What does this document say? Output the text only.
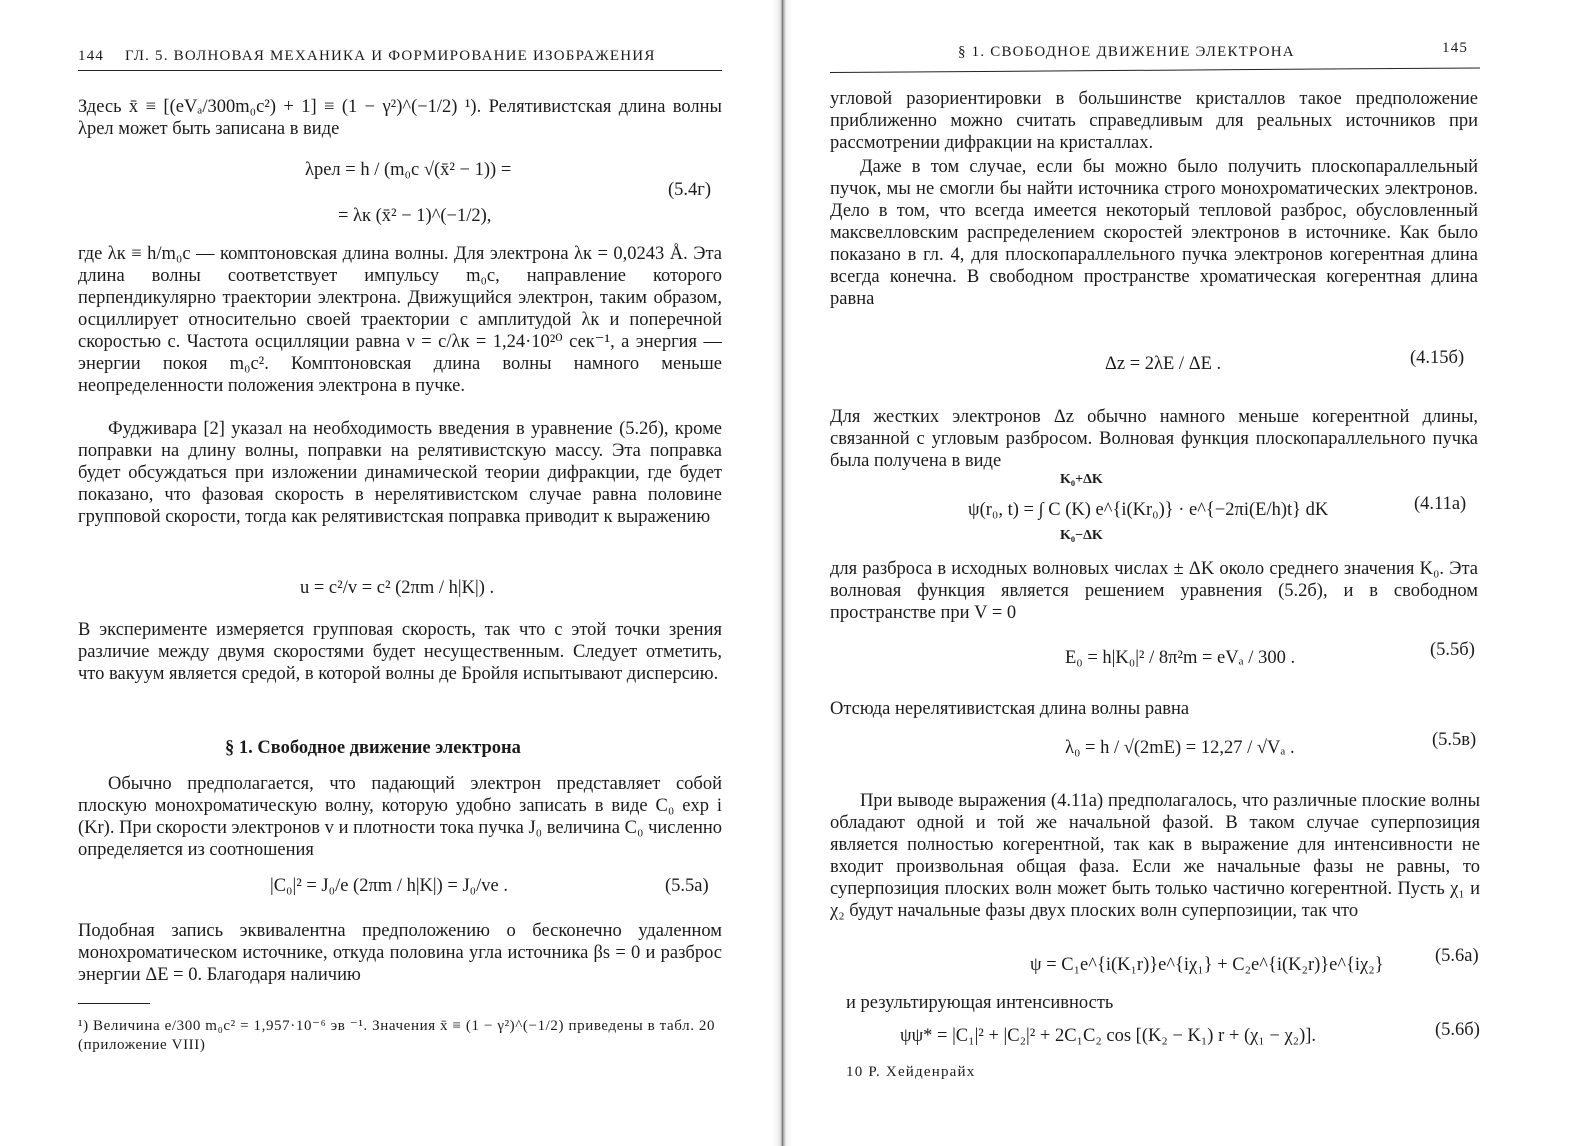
144 ГЛ. 5. ВОЛНОВАЯ МЕХАНИКА И ФОРМИРОВАНИЕ ИЗОБРАЖЕНИЯ

Здесь x̄ ≡ [(eVₐ/300m₀c²) + 1] ≡ (1 − γ²)^(−1/2) ¹). Релятивистская длина волны λрел может быть записана в виде

λрел = h / (m₀c √(x̄² − 1)) =
= λк (x̄² − 1)^(−1/2),
(5.4г)

где λк ≡ h/m₀c — комптоновская длина волны. Для электрона λк = 0,0243 Å. Эта длина волны соответствует импульсу m₀c, направление которого перпендикулярно траектории электрона. Движущийся электрон, таким образом, осциллирует относительно своей траектории с амплитудой λк и поперечной скоростью c. Частота осцилляции равна ν = c/λк = 1,24·10²⁰ сек⁻¹, а энергия — энергии покоя m₀c². Комптоновская длина волны намного меньше неопределенности положения электрона в пучке.

Фудживара [2] указал на необходимость введения в уравнение (5.2б), кроме поправки на длину волны, поправки на релятивистскую массу. Эта поправка будет обсуждаться при изложении динамической теории дифракции, где будет показано, что фазовая скорость в нерелятивистском случае равна половине групповой скорости, тогда как релятивистская поправка приводит к выражению

u = c²/v = c² (2πm / h|K|) .

В эксперименте измеряется групповая скорость, так что с этой точки зрения различие между двумя скоростями будет несущественным. Следует отметить, что вакуум является средой, в которой волны де Бройля испытывают дисперсию.

§ 1. Свободное движение электрона

Обычно предполагается, что падающий электрон представляет собой плоскую монохроматическую волну, которую удобно записать в виде C₀ exp i (Kr). При скорости электронов v и плотности тока пучка J₀ величина C₀ численно определяется из соотношения

|C₀|² = J₀/e (2πm / h|K|) = J₀/ve .	(5.5а)

Подобная запись эквивалентна предположению о бесконечно удаленном монохроматическом источнике, откуда половина угла источника βs = 0 и разброс энергии ΔE = 0. Благодаря наличию

¹) Величина e/300 m₀c² = 1,957·10⁻⁶ эв ⁻¹. Значения x̄ ≡ (1 − γ²)^(−1/2) приведены в табл. 20 (приложение VIII)
§ 1. СВОБОДНОЕ ДВИЖЕНИЕ ЭЛЕКТРОНА	145

угловой разориентировки в большинстве кристаллов такое предположение приближенно можно считать справедливым для реальных источников при рассмотрении дифракции на кристаллах.

Даже в том случае, если бы можно было получить плоскопараллельный пучок, мы не смогли бы найти источника строго монохроматических электронов. Дело в том, что всегда имеется некоторый тепловой разброс, обусловленный максвелловским распределением скоростей электронов в источнике. Как было показано в гл. 4, для плоскопараллельного пучка электронов когерентная длина всегда конечна. В свободном пространстве хроматическая когерентная длина равна

Δz = 2λE / ΔE .	(4.15б)

Для жестких электронов Δz обычно намного меньше когерентной длины, связанной с угловым разбросом. Волновая функция плоскопараллельного пучка была получена в виде

K₀+ΔK
ψ(r₀, t) = ∫ C (K) e^{i(Kr₀)} · e^{−2πi(E/h)t} dK
K₀−ΔK
(4.11а)

для разброса в исходных волновых числах ± ΔK около среднего значения K₀. Эта волновая функция является решением уравнения (5.2б), и в свободном пространстве при V = 0

E₀ = h|K₀|² / 8π²m = eVₐ / 300 .	(5.5б)

Отсюда нерелятивистская длина волны равна

λ₀ = h / √(2mE) = 12,27 / √Vₐ .	(5.5в)

При выводе выражения (4.11а) предполагалось, что различные плоские волны обладают одной и той же начальной фазой. В таком случае суперпозиция является полностью когерентной, так как в выражение для интенсивности не входит произвольная общая фаза. Если же начальные фазы не равны, то суперпозиция плоских волн может быть только частично когерентной. Пусть χ₁ и χ₂ будут начальные фазы двух плоских волн суперпозиции, так что

ψ = C₁e^{i(K₁r)}e^{iχ₁} + C₂e^{i(K₂r)}e^{iχ₂}	(5.6а)

и результирующая интенсивность

ψψ* = |C₁|² + |C₂|² + 2C₁C₂ cos [(K₂ − K₁) r + (χ₁ − χ₂)].	(5.6б)
10 Р. Хейденрайх
